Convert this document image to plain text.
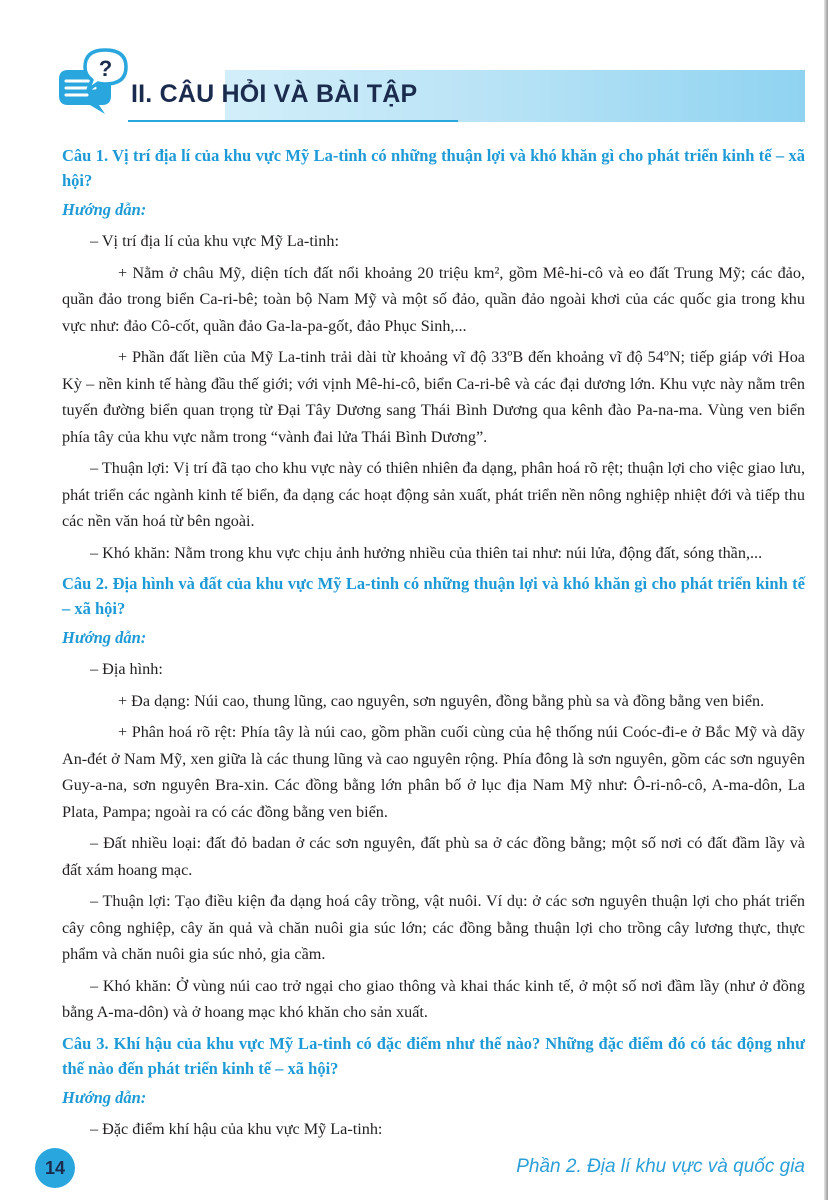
?
II. CÂU HỎI VÀ BÀI TẬP

Câu 1. Vị trí địa lí của khu vực Mỹ La-tinh có những thuận lợi và khó khăn gì cho phát triển kinh tế – xã hội?

Hướng dẫn:

– Vị trí địa lí của khu vực Mỹ La-tinh:

+ Nằm ở châu Mỹ, diện tích đất nổi khoảng 20 triệu km², gồm Mê-hi-cô và eo đất Trung Mỹ; các đảo, quần đảo trong biển Ca-ri-bê; toàn bộ Nam Mỹ và một số đảo, quần đảo ngoài khơi của các quốc gia trong khu vực như: đảo Cô-cốt, quần đảo Ga-la-pa-gốt, đảo Phục Sinh,...

+ Phần đất liền của Mỹ La-tinh trải dài từ khoảng vĩ độ 33ºB đến khoảng vĩ độ 54ºN; tiếp giáp với Hoa Kỳ – nền kinh tế hàng đầu thế giới; với vịnh Mê-hi-cô, biển Ca-ri-bê và các đại dương lớn. Khu vực này nằm trên tuyến đường biển quan trọng từ Đại Tây Dương sang Thái Bình Dương qua kênh đào Pa-na-ma. Vùng ven biển phía tây của khu vực nằm trong “vành đai lửa Thái Bình Dương”.

– Thuận lợi: Vị trí đã tạo cho khu vực này có thiên nhiên đa dạng, phân hoá rõ rệt; thuận lợi cho việc giao lưu, phát triển các ngành kinh tế biển, đa dạng các hoạt động sản xuất, phát triển nền nông nghiệp nhiệt đới và tiếp thu các nền văn hoá từ bên ngoài.

– Khó khăn: Nằm trong khu vực chịu ảnh hưởng nhiều của thiên tai như: núi lửa, động đất, sóng thần,...

Câu 2. Địa hình và đất của khu vực Mỹ La-tinh có những thuận lợi và khó khăn gì cho phát triển kinh tế – xã hội?

Hướng dẫn:

– Địa hình:

+ Đa dạng: Núi cao, thung lũng, cao nguyên, sơn nguyên, đồng bằng phù sa và đồng bằng ven biển.

+ Phân hoá rõ rệt: Phía tây là núi cao, gồm phần cuối cùng của hệ thống núi Coóc-đi-e ở Bắc Mỹ và dãy An-đét ở Nam Mỹ, xen giữa là các thung lũng và cao nguyên rộng. Phía đông là sơn nguyên, gồm các sơn nguyên Guy-a-na, sơn nguyên Bra-xin. Các đồng bằng lớn phân bố ở lục địa Nam Mỹ như: Ô-ri-nô-cô, A-ma-dôn, La Plata, Pampa; ngoài ra có các đồng bằng ven biển.

– Đất nhiều loại: đất đỏ badan ở các sơn nguyên, đất phù sa ở các đồng bằng; một số nơi có đất đầm lầy và đất xám hoang mạc.

– Thuận lợi: Tạo điều kiện đa dạng hoá cây trồng, vật nuôi. Ví dụ: ở các sơn nguyên thuận lợi cho phát triển cây công nghiệp, cây ăn quả và chăn nuôi gia súc lớn; các đồng bằng thuận lợi cho trồng cây lương thực, thực phẩm và chăn nuôi gia súc nhỏ, gia cầm.

– Khó khăn: Ở vùng núi cao trở ngại cho giao thông và khai thác kinh tế, ở một số nơi đầm lầy (như ở đồng bằng A-ma-dôn) và ở hoang mạc khó khăn cho sản xuất.

Câu 3. Khí hậu của khu vực Mỹ La-tinh có đặc điểm như thế nào? Những đặc điểm đó có tác động như thế nào đến phát triển kinh tế – xã hội?

Hướng dẫn:

– Đặc điểm khí hậu của khu vực Mỹ La-tinh:

14	Phần 2. Địa lí khu vực và quốc gia
